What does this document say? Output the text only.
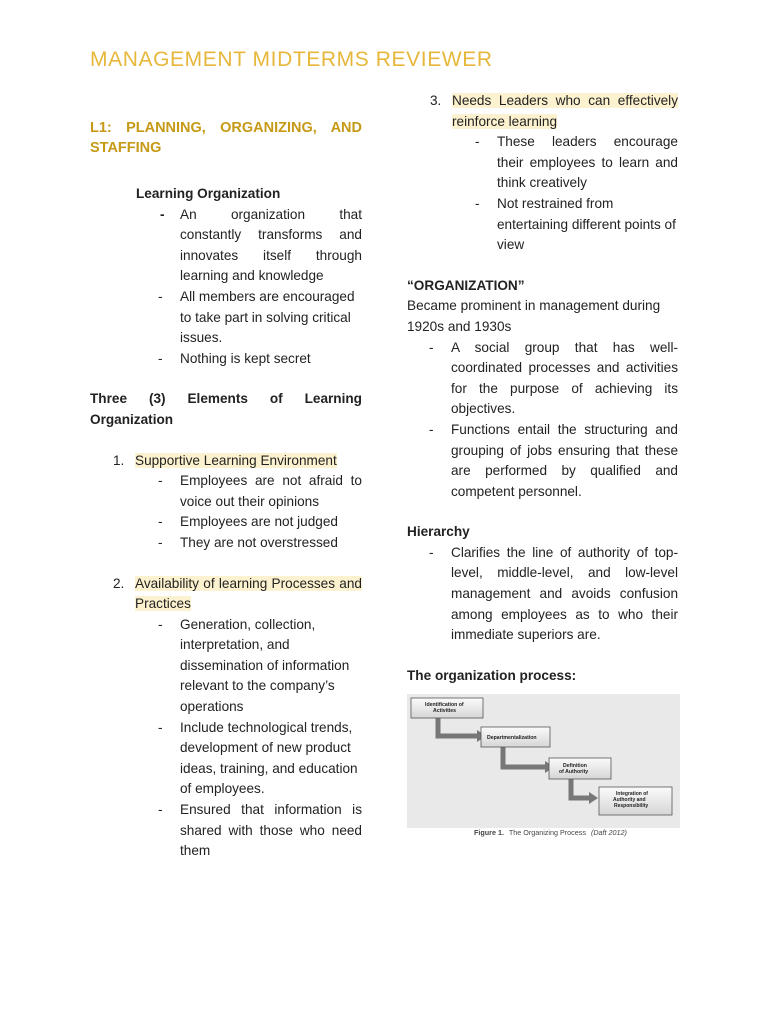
MANAGEMENT MIDTERMS REVIEWER
L1: PLANNING, ORGANIZING, AND STAFFING
Learning Organization
- An organization that constantly transforms and innovates itself through learning and knowledge
- All members are encouraged to take part in solving critical issues.
- Nothing is kept secret
Three (3) Elements of Learning Organization
1. Supportive Learning Environment
- Employees are not afraid to voice out their opinions
- Employees are not judged
- They are not overstressed
2. Availability of learning Processes and Practices
- Generation, collection, interpretation, and dissemination of information relevant to the company’s operations
- Include technological trends, development of new product ideas, training, and education of employees.
- Ensured that information is shared with those who need them
3. Needs Leaders who can effectively reinforce learning
- These leaders encourage their employees to learn and think creatively
- Not restrained from entertaining different points of view
“ORGANIZATION”
Became prominent in management during 1920s and 1930s
- A social group that has well-coordinated processes and activities for the purpose of achieving its objectives.
- Functions entail the structuring and grouping of jobs ensuring that these are performed by qualified and competent personnel.
Hierarchy
- Clarifies the line of authority of top-level, middle-level, and low-level management and avoids confusion among employees as to who their immediate superiors are.
The organization process:
Identification of Activities
Departmentalization
Definition of Authority
Integration of Authority and Responsibility
Figure 1. The Organizing Process (Daft 2012)
